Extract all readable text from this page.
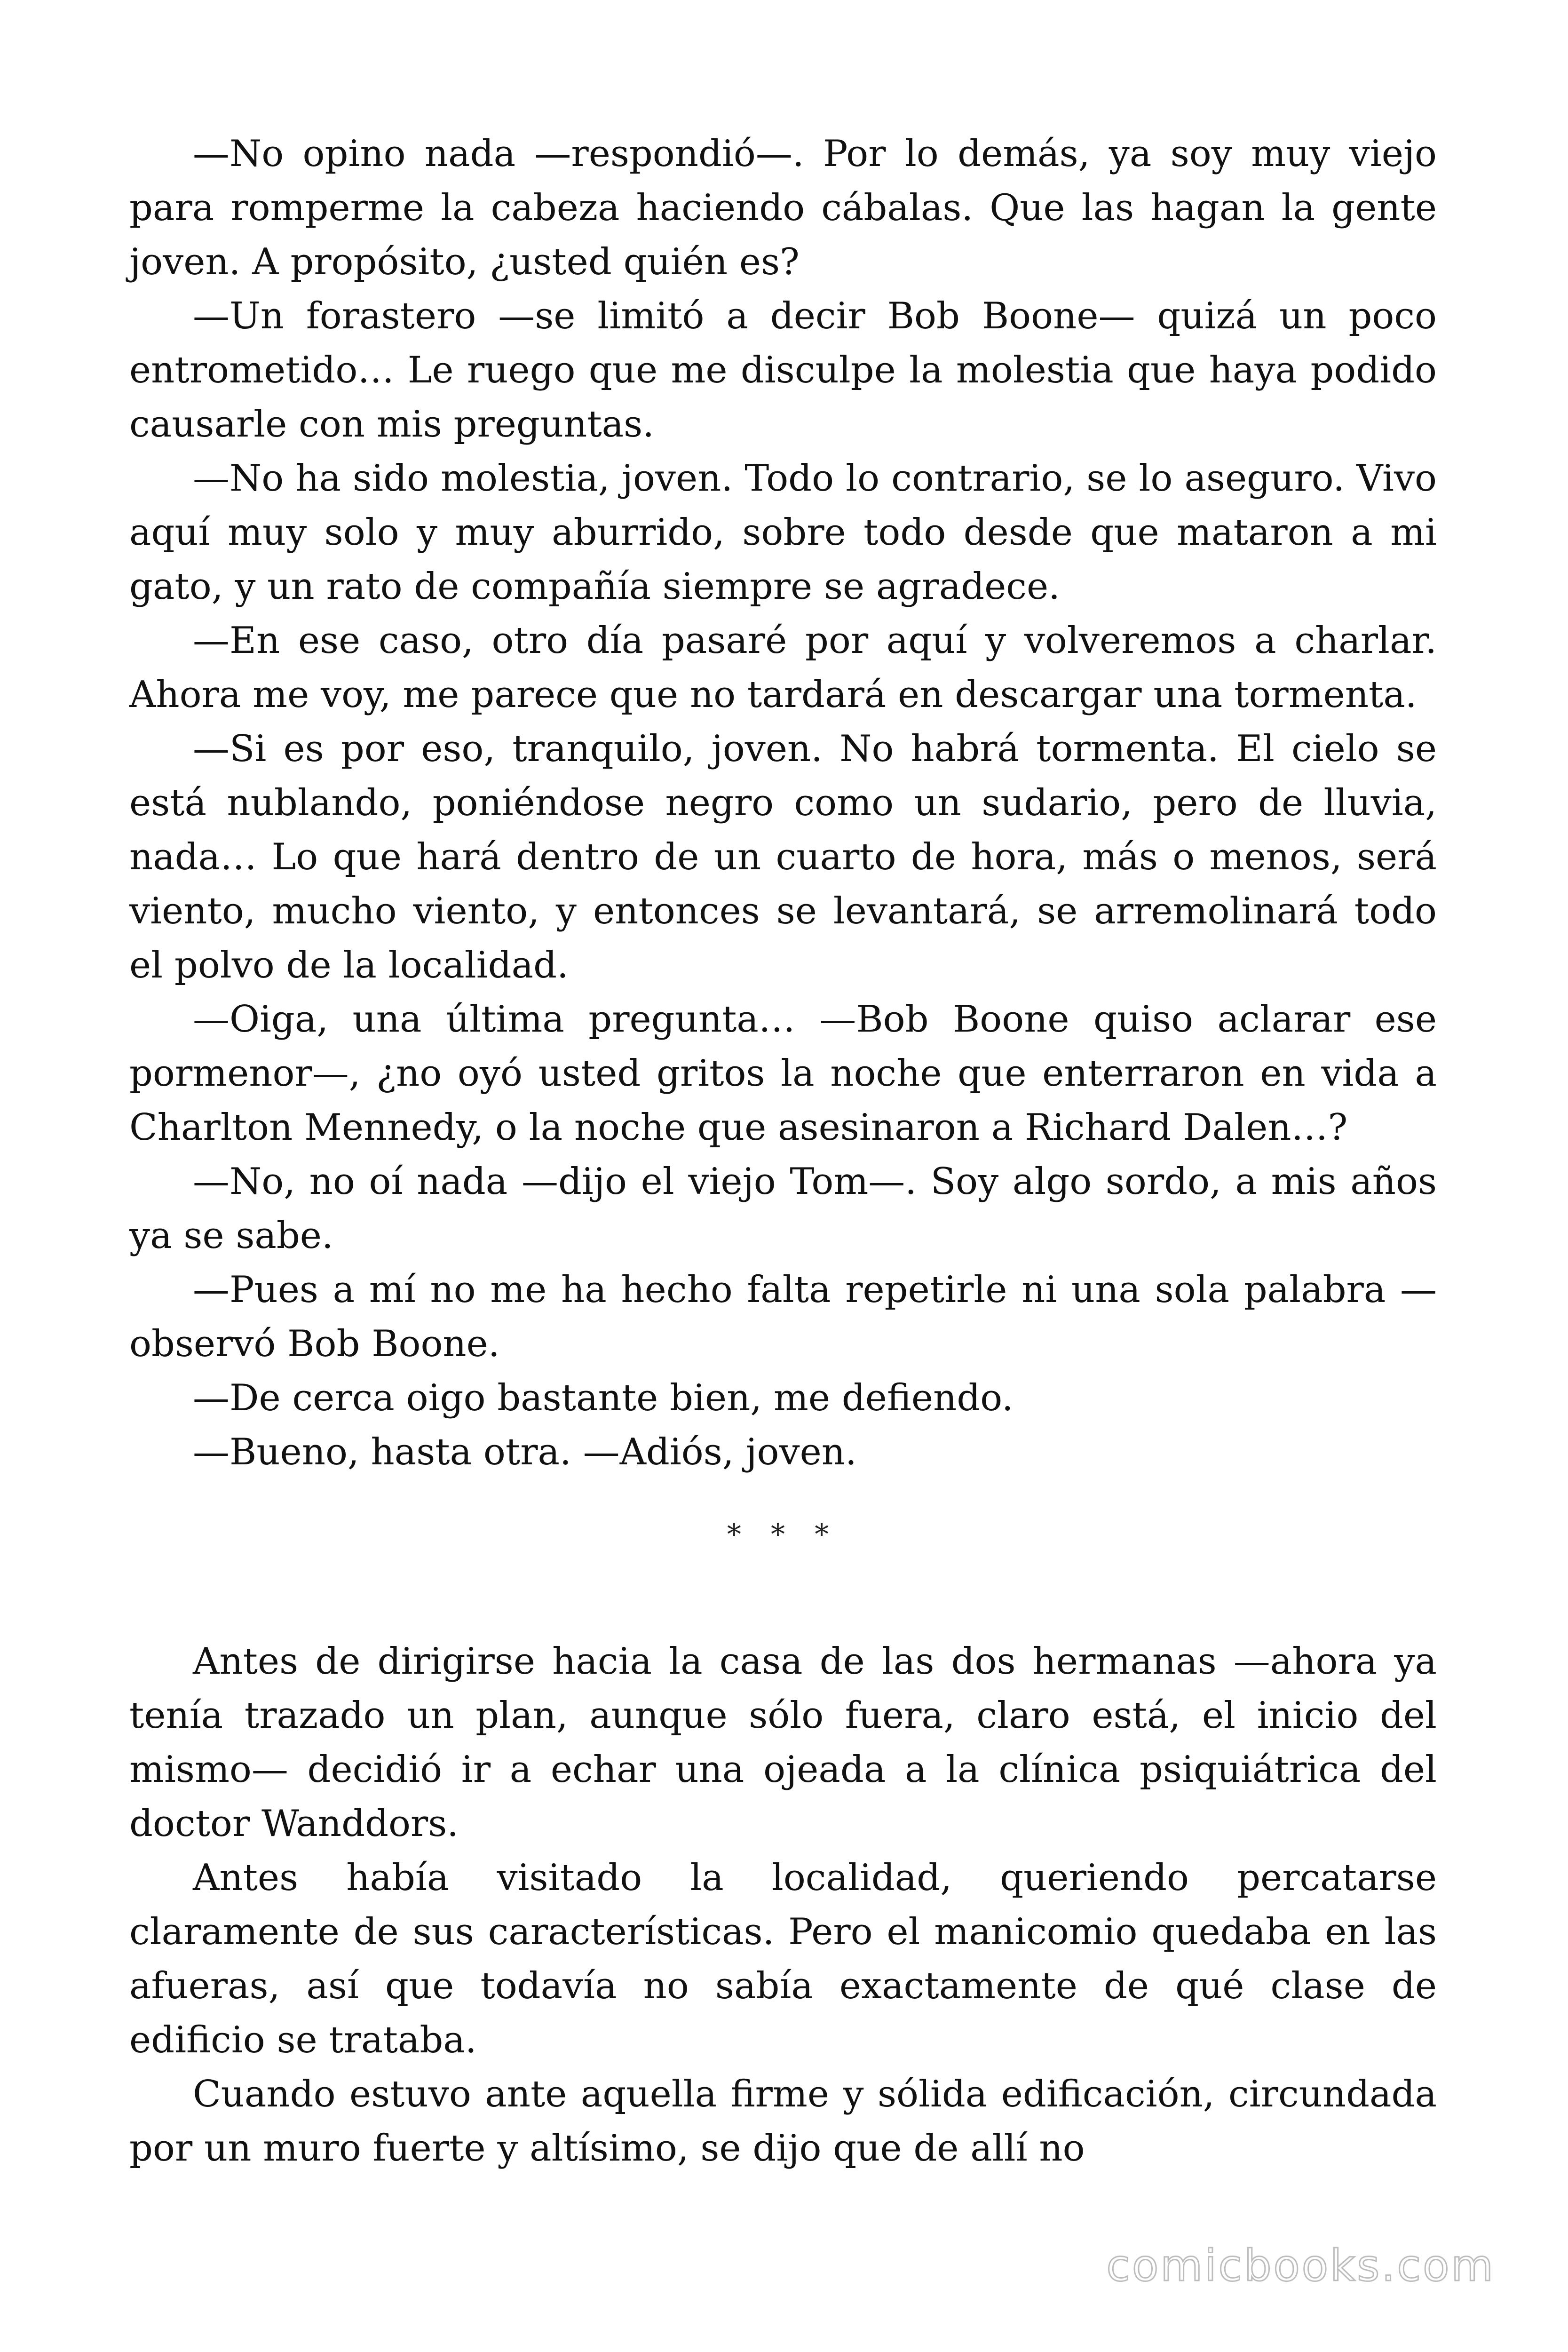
—No opino nada —respondió—. Por lo demás, ya soy muy viejo para romperme la cabeza haciendo cábalas. Que las hagan la gente joven. A propósito, ¿usted quién es?

—Un forastero —se limitó a decir Bob Boone— quizá un poco entrometido… Le ruego que me disculpe la molestia que haya podido causarle con mis preguntas.

—No ha sido molestia, joven. Todo lo contrario, se lo aseguro. Vivo aquí muy solo y muy aburrido, sobre todo desde que mataron a mi gato, y un rato de compañía siempre se agradece.

—En ese caso, otro día pasaré por aquí y volveremos a charlar. Ahora me voy, me parece que no tardará en descargar una tormenta.

—Si es por eso, tranquilo, joven. No habrá tormenta. El cielo se está nublando, poniéndose negro como un sudario, pero de lluvia, nada… Lo que hará dentro de un cuarto de hora, más o menos, será viento, mucho viento, y entonces se levantará, se arremolinará todo el polvo de la localidad.

—Oiga, una última pregunta… —Bob Boone quiso aclarar ese pormenor—, ¿no oyó usted gritos la noche que enterraron en vida a Charlton Mennedy, o la noche que asesinaron a Richard Dalen…?

—No, no oí nada —dijo el viejo Tom—. Soy algo sordo, a mis años ya se sabe.

—Pues a mí no me ha hecho falta repetirle ni una sola palabra —observó Bob Boone.

—De cerca oigo bastante bien, me defiendo.

—Bueno, hasta otra. —Adiós, joven.

* * *

Antes de dirigirse hacia la casa de las dos hermanas —ahora ya tenía trazado un plan, aunque sólo fuera, claro está, el inicio del mismo— decidió ir a echar una ojeada a la clínica psiquiátrica del doctor Wanddors.

Antes había visitado la localidad, queriendo percatarse claramente de sus características. Pero el manicomio quedaba en las afueras, así que todavía no sabía exactamente de qué clase de edificio se trataba.

Cuando estuvo ante aquella firme y sólida edificación, circundada por un muro fuerte y altísimo, se dijo que de allí no

comicbooks.com
